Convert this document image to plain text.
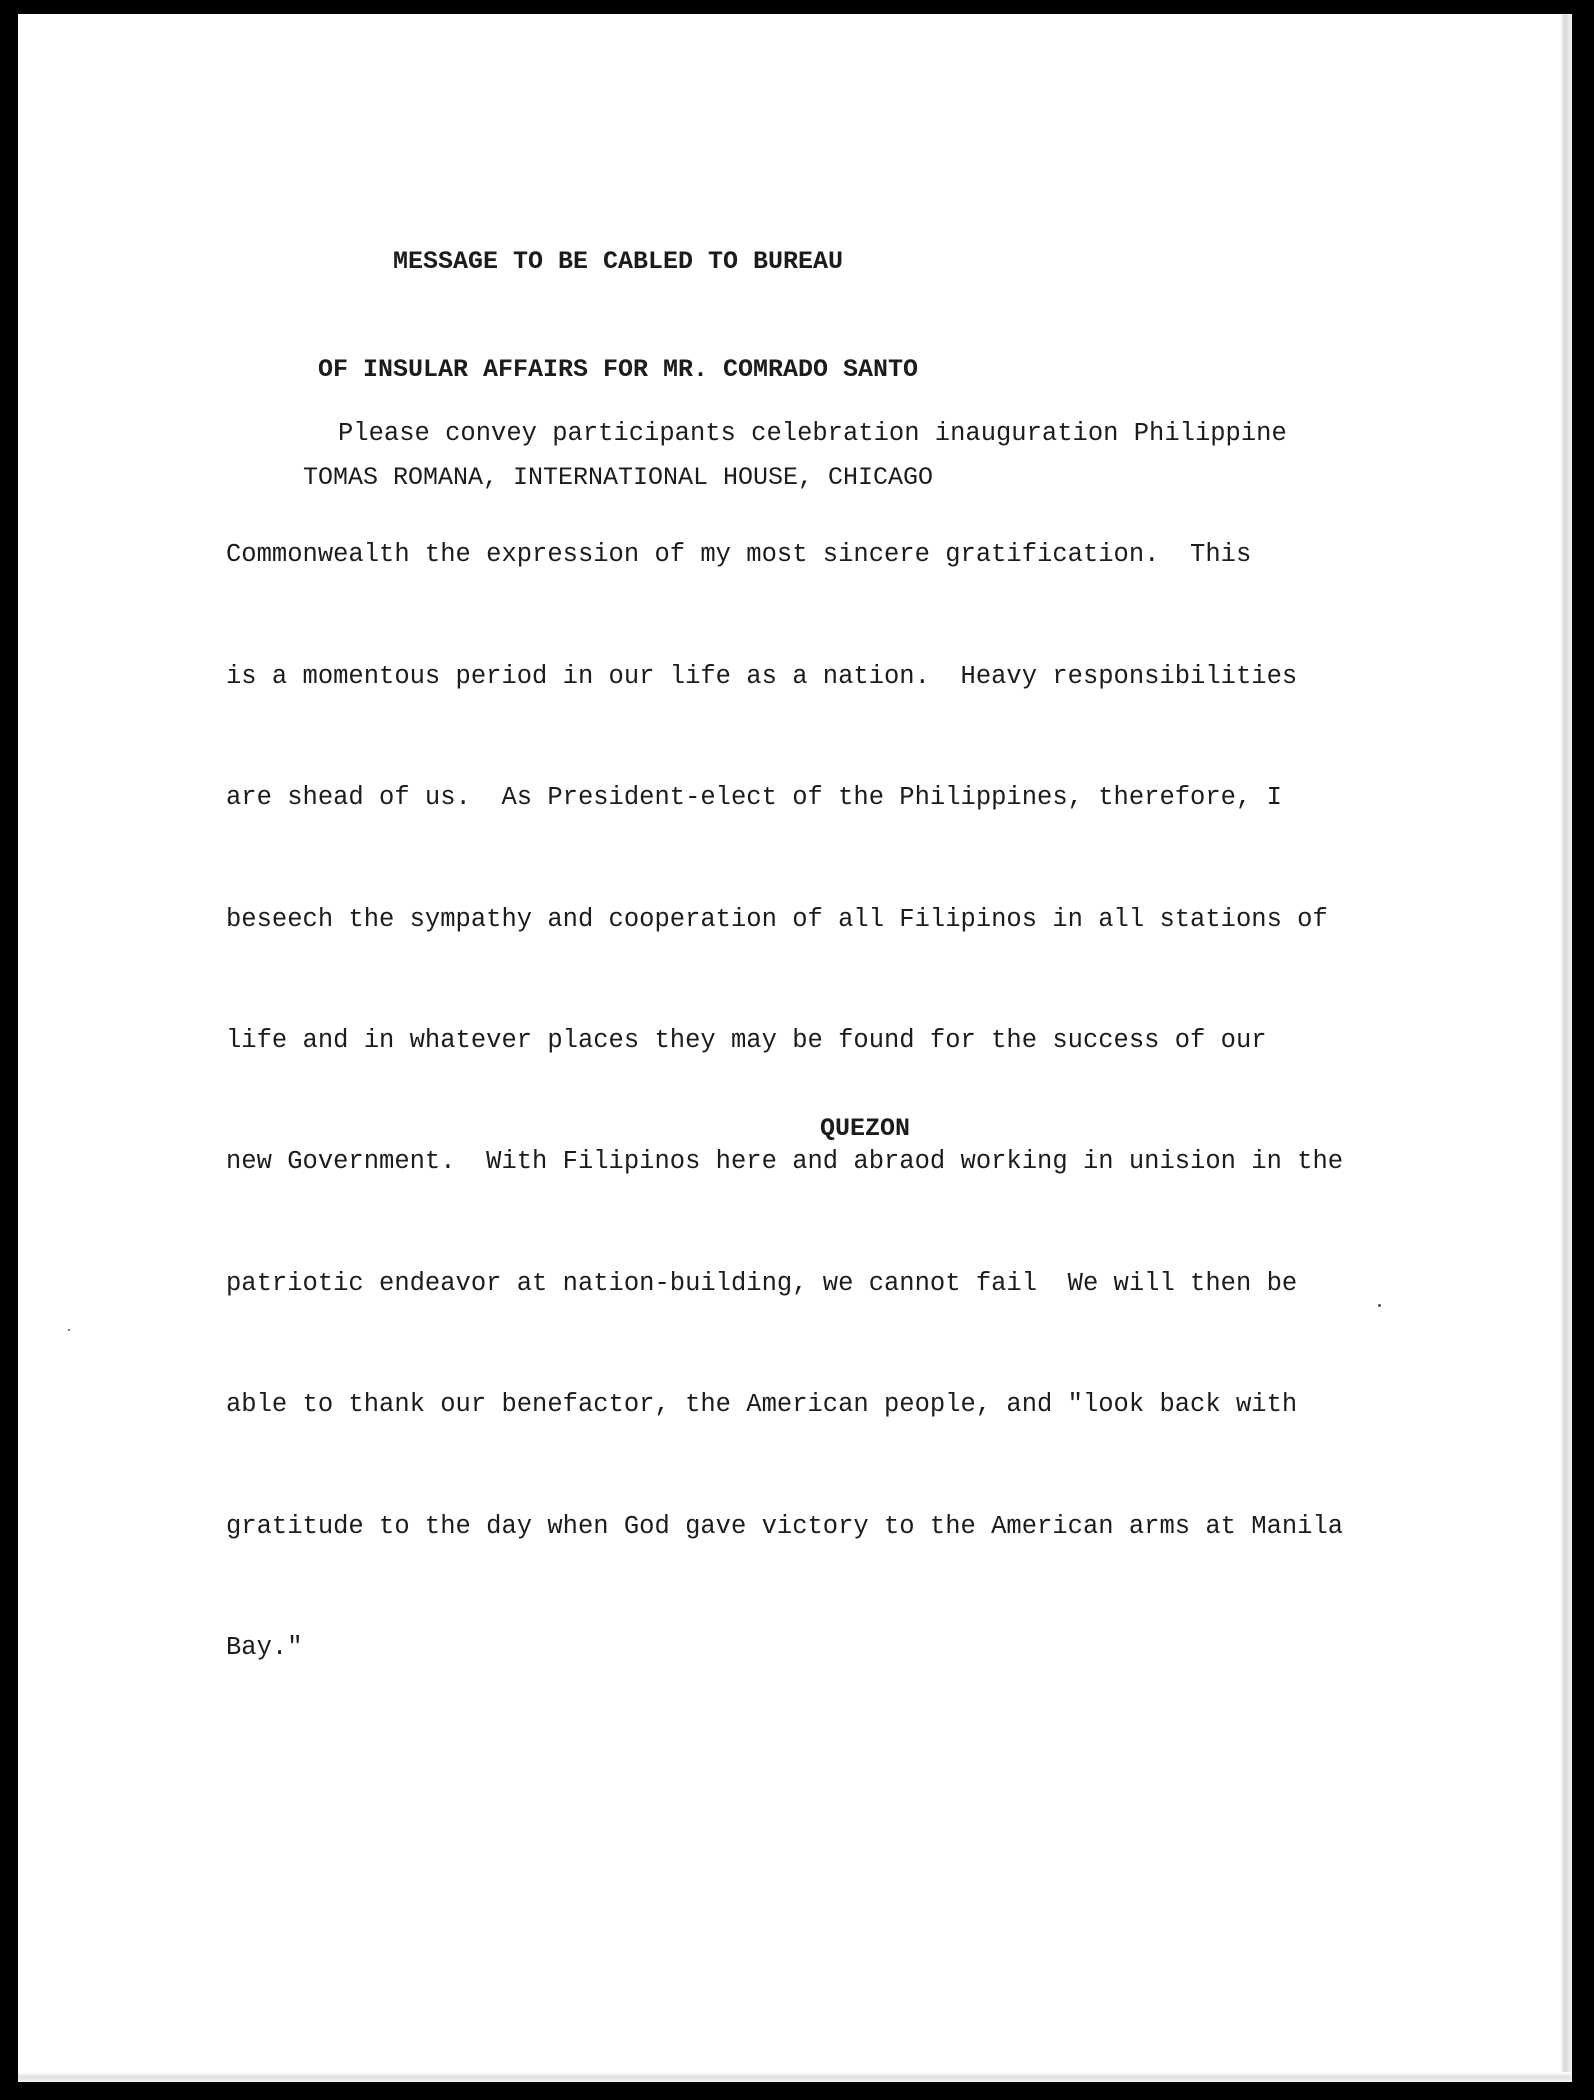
MESSAGE TO BE CABLED TO BUREAU

OF INSULAR AFFAIRS FOR MR. COMRADO SANTO

TOMAS ROMANA, INTERNATIONAL HOUSE, CHICAGO

Please convey participants celebration inauguration Philippine

Commonwealth the expression of my most sincere gratification.  This

is a momentous period in our life as a nation.  Heavy responsibilities

are shead of us.  As President-elect of the Philippines, therefore, I

beseech the sympathy and cooperation of all Filipinos in all stations of

life and in whatever places they may be found for the success of our

new Government.  With Filipinos here and abraod working in unision in the

patriotic endeavor at nation-building, we cannot fail  We will then be

able to thank our benefactor, the American people, and "look back with

gratitude to the day when God gave victory to the American arms at Manila

Bay."

QUEZON
